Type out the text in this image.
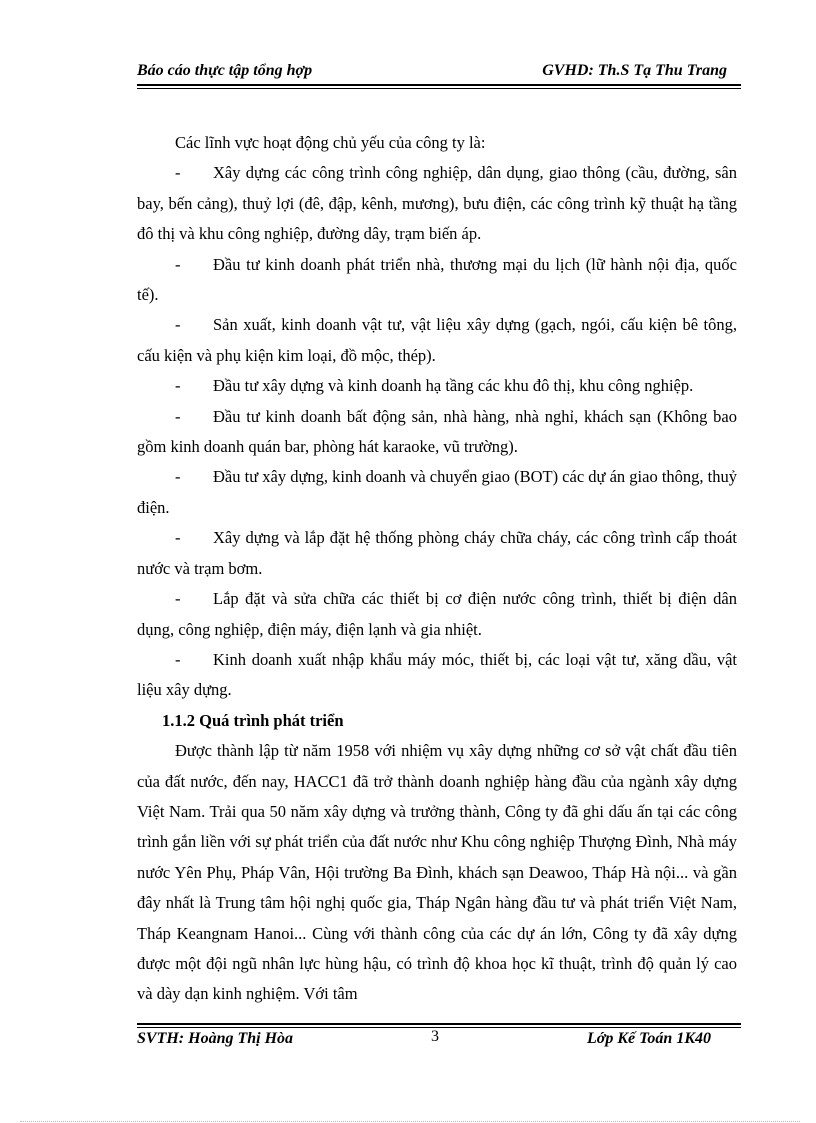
Báo cáo thực tập tổng hợp	GVHD: Th.S Tạ Thu Trang

Các lĩnh vực hoạt động chủ yếu của công ty là:

- Xây dựng các công trình công nghiệp, dân dụng, giao thông (cầu, đường, sân bay, bến cảng), thuỷ lợi (đê, đập, kênh, mương), bưu điện, các công trình kỹ thuật hạ tầng đô thị và khu công nghiệp, đường dây, trạm biến áp.

- Đầu tư kinh doanh phát triển nhà, thương mại du lịch (lữ hành nội địa, quốc tế).

- Sản xuất, kinh doanh vật tư, vật liệu xây dựng (gạch, ngói, cấu kiện bê tông, cấu kiện và phụ kiện kim loại, đồ mộc, thép).

- Đầu tư xây dựng và kinh doanh hạ tầng các khu đô thị, khu công nghiệp.

- Đầu tư kinh doanh bất động sản, nhà hàng, nhà nghỉ, khách sạn (Không bao gồm kinh doanh quán bar, phòng hát karaoke, vũ trường).

- Đầu tư xây dựng, kinh doanh và chuyển giao (BOT) các dự án giao thông, thuỷ điện.

- Xây dựng và lắp đặt hệ thống phòng cháy chữa cháy, các công trình cấp thoát nước và trạm bơm.

- Lắp đặt và sửa chữa các thiết bị cơ điện nước công trình, thiết bị điện dân dụng, công nghiệp, điện máy, điện lạnh và gia nhiệt.

- Kinh doanh xuất nhập khẩu máy móc, thiết bị, các loại vật tư, xăng dầu, vật liệu xây dựng.

1.1.2 Quá trình phát triển

Được thành lập từ năm 1958 với nhiệm vụ xây dựng những cơ sở vật chất đầu tiên của đất nước, đến nay, HACC1 đã trở thành doanh nghiệp hàng đầu của ngành xây dựng Việt Nam. Trải qua 50 năm xây dựng và trưởng thành, Công ty đã ghi dấu ấn tại các công trình gắn liền với sự phát triển của đất nước như Khu công nghiệp Thượng Đình, Nhà máy nước Yên Phụ, Pháp Vân, Hội trường Ba Đình, khách sạn Deawoo, Tháp Hà nội... và gần đây nhất là Trung tâm hội nghị quốc gia, Tháp Ngân hàng đầu tư và phát triển Việt Nam, Tháp Keangnam Hanoi... Cùng với thành công của các dự án lớn, Công ty đã xây dựng được một đội ngũ nhân lực hùng hậu, có trình độ khoa học kĩ thuật, trình độ quản lý cao và dày dạn kinh nghiệm. Với tâm

SVTH: Hoàng Thị Hòa	3	Lớp Kế Toán 1K40
